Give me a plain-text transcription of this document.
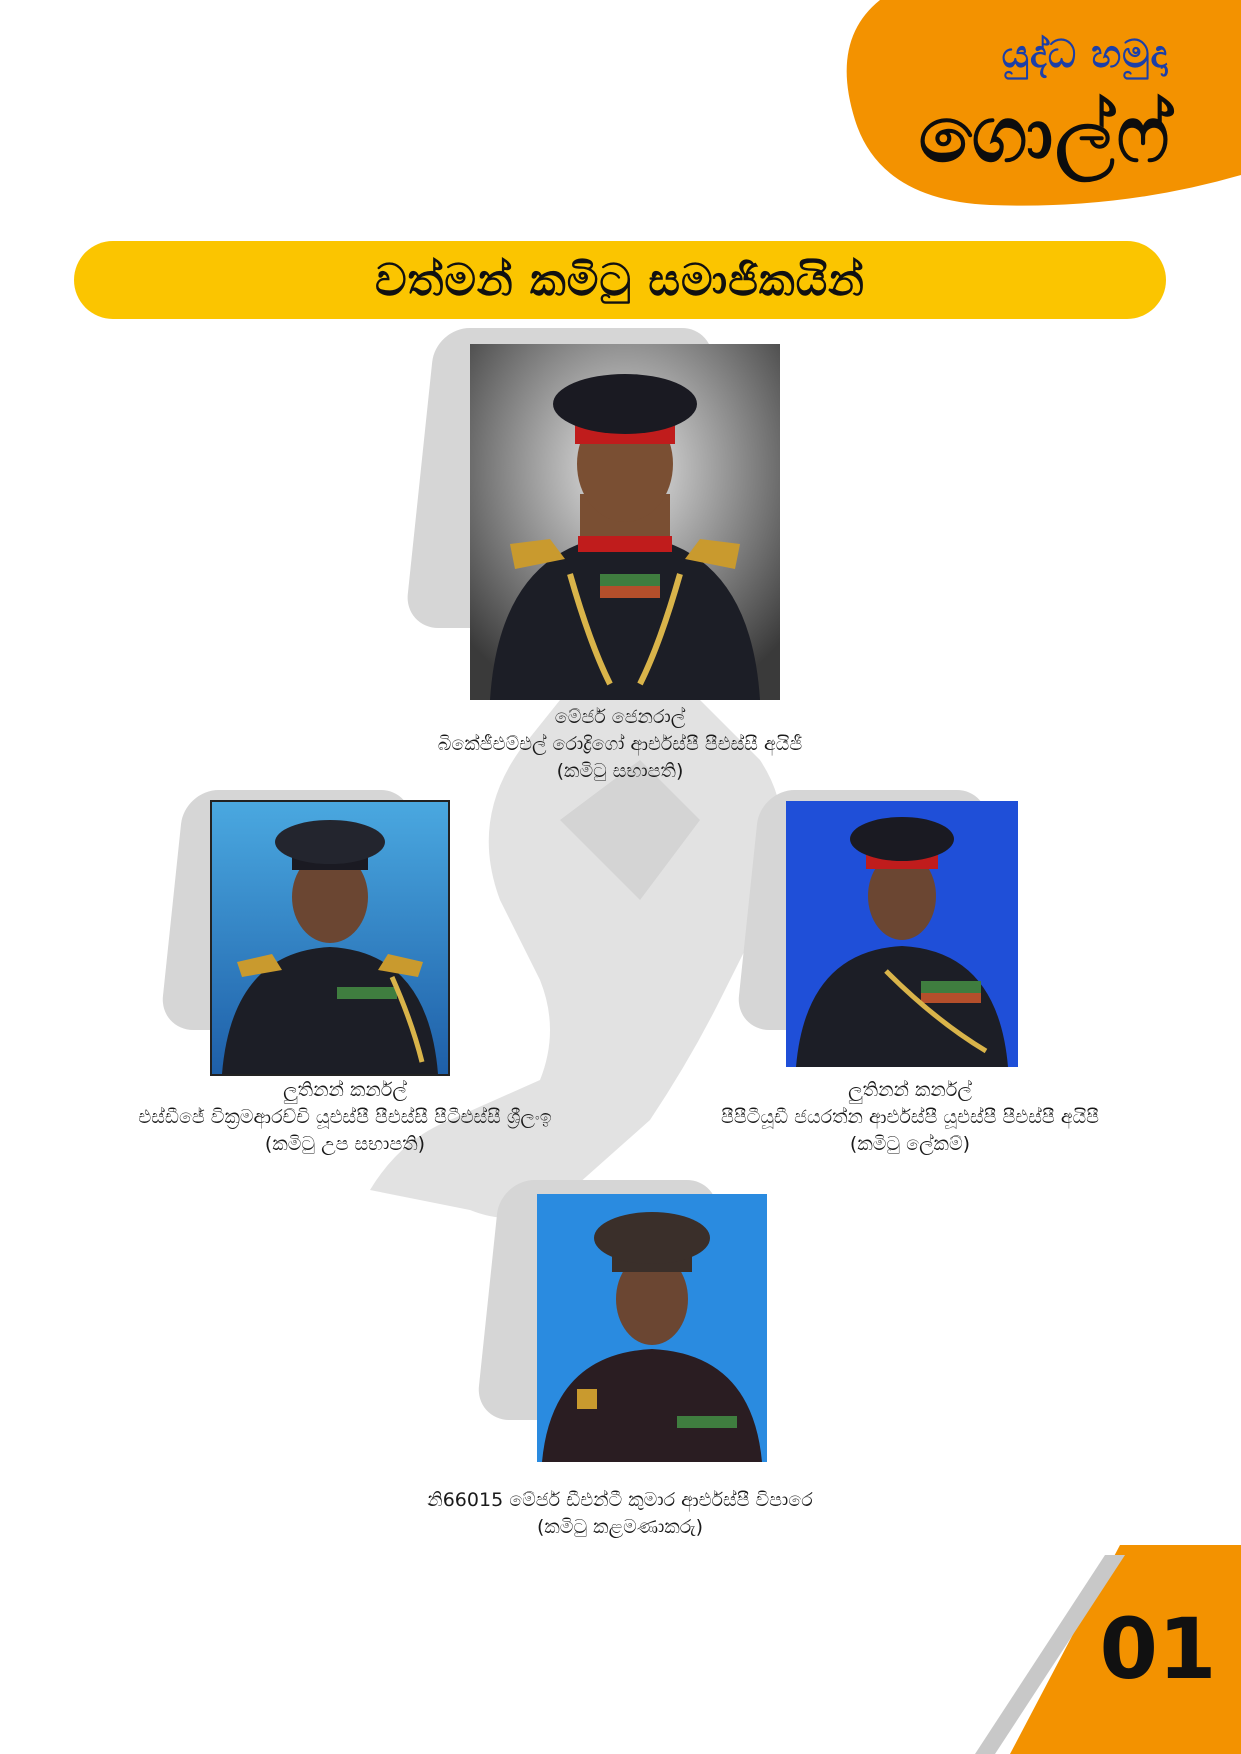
යුද්ධ හමුදා
ගොල්ෆ්
වත්මන් කමිටු සමාජිකයින්
මේජර් ජෙනරාල්
බිකේජීඑම්එල් රොද්‍රිගෝ ආර්එස්පී පීඑස්සී අයිජී
(කමිටු සභාපති)
ලුතිනන් කර්නල්
එස්ඩීජේ වික්‍රමආරච්චි යූඑස්පී පීඑස්සී පීටීඑස්සී ශ්‍රීලංඉ
(කමිටු උප සභාපති)
ලුතිනන් කර්නල්
පීපීටීයූඩී ජයරත්න ආර්එස්පී යූඑස්පී පීඑස්පී අයිපී
(කමිටු ලේකම්)
නි66015 මේජර් ඩීඑන්ටී කුමාර ආර්එස්පී විපාරෙ
(කමිටු කළමණාකරු)
01
